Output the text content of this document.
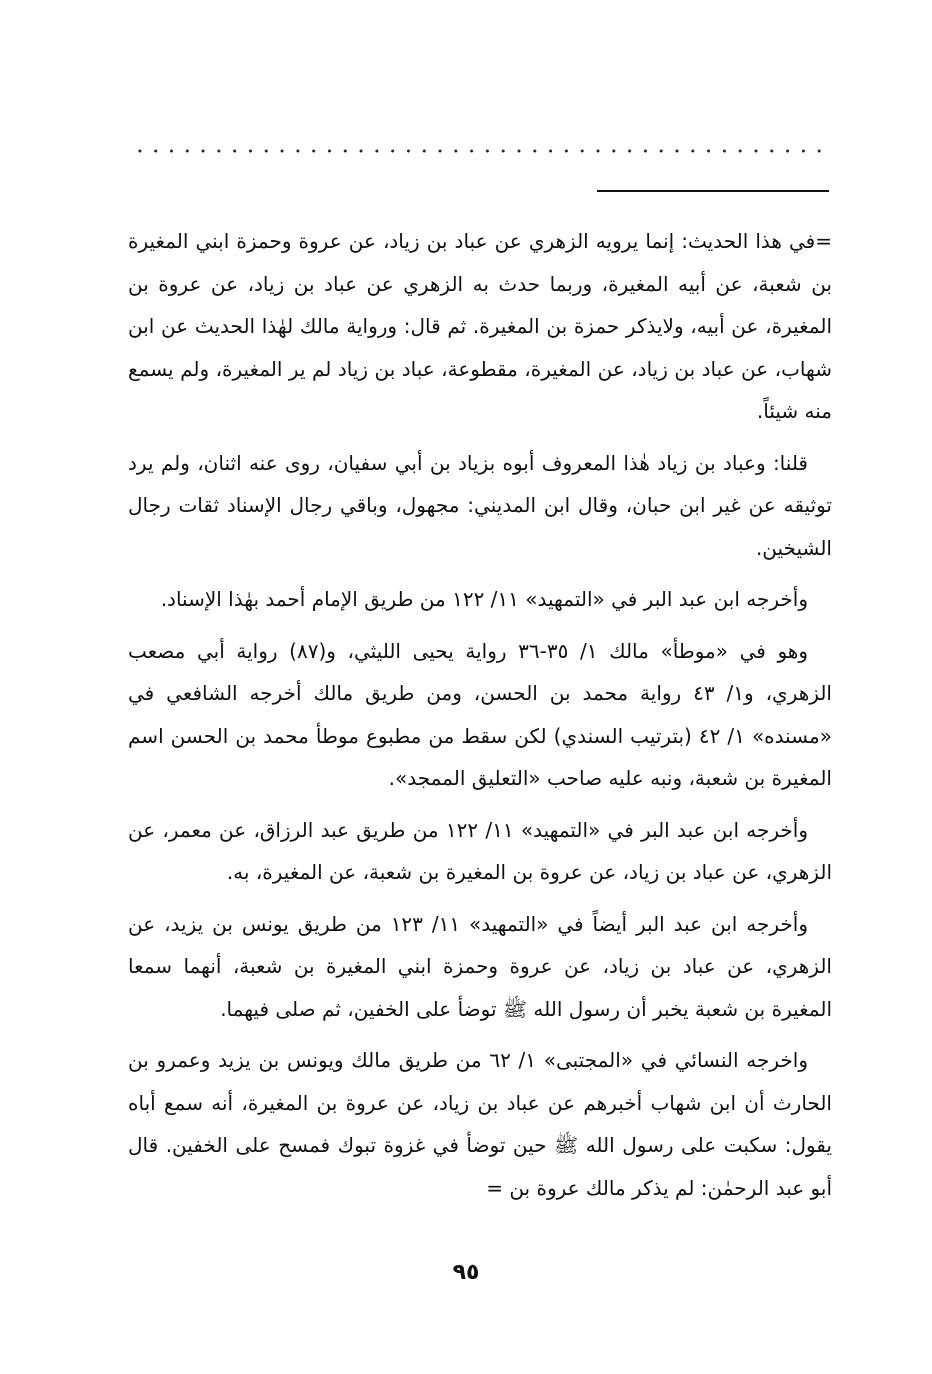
=في هذا الحديث: إنما يرويه الزهري عن عباد بن زياد، عن عروة وحمزة ابني المغيرة بن شعبة، عن أبيه المغيرة، وربما حدث به الزهري عن عباد بن زياد، عن عروة بن المغيرة، عن أبيه، ولايذكر حمزة بن المغيرة. ثم قال: ورواية مالك لهٰذا الحديث عن ابن شهاب، عن عباد بن زياد، عن المغيرة، مقطوعة، عباد بن زياد لم ير المغيرة، ولم يسمع منه شيئاً.

قلنا: وعباد بن زياد هٰذا المعروف أبوه بزياد بن أبي سفيان، روى عنه اثنان، ولم يرد توثيقه عن غير ابن حبان، وقال ابن المديني: مجهول، وباقي رجال الإسناد ثقات رجال الشيخين.

وأخرجه ابن عبد البر في «التمهيد» ١١/ ١٢٢ من طريق الإمام أحمد بهٰذا الإسناد.

وهو في «موطأ» مالك ١/ ٣٥-٣٦ رواية يحيى الليثي، و(٨٧) رواية أبي مصعب الزهري، و١/ ٤٣ رواية محمد بن الحسن، ومن طريق مالك أخرجه الشافعي في «مسنده» ١/ ٤٢ (بترتيب السندي) لكن سقط من مطبوع موطأ محمد بن الحسن اسم المغيرة بن شعبة، ونبه عليه صاحب «التعليق الممجد».

وأخرجه ابن عبد البر في «التمهيد» ١١/ ١٢٢ من طريق عبد الرزاق، عن معمر، عن الزهري، عن عباد بن زياد، عن عروة بن المغيرة بن شعبة، عن المغيرة، به.

وأخرجه ابن عبد البر أيضاً في «التمهيد» ١١/ ١٢٣ من طريق يونس بن يزيد، عن الزهري، عن عباد بن زياد، عن عروة وحمزة ابني المغيرة بن شعبة، أنهما سمعا المغيرة بن شعبة يخبر أن رسول الله ﷺ توضأ على الخفين، ثم صلى فيهما.

واخرجه النسائي في «المجتبى» ١/ ٦٢ من طريق مالك ويونس بن يزيد وعمرو بن الحارث أن ابن شهاب أخبرهم عن عباد بن زياد، عن عروة بن المغيرة، أنه سمع أباه يقول: سكبت على رسول الله ﷺ حين توضأ في غزوة تبوك فمسح على الخفين. قال أبو عبد الرحمٰن: لم يذكر مالك عروة بن =

٩٥
